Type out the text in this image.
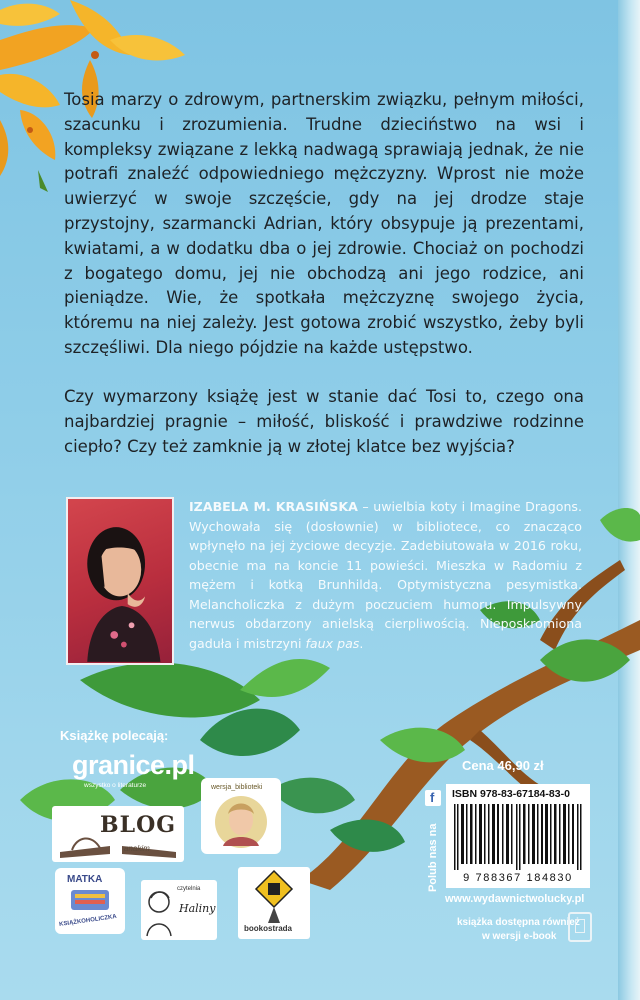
Tosia marzy o zdrowym, partnerskim związku, pełnym miłości, szacunku i zrozumienia. Trudne dzieciństwo na wsi i kompleksy związane z lekką nadwagą sprawiają jednak, że nie potrafi znaleźć odpowiedniego mężczyzny. Wprost nie może uwierzyć w swoje szczęście, gdy na jej drodze staje przystojny, szarmancki Adrian, który obsypuje ją prezentami, kwiatami, a w dodatku dba o jej zdrowie. Chociaż on pochodzi z bogatego domu, jej nie obchodzą ani jego rodzice, ani pieniądze. Wie, że spotkała mężczyznę swojego życia, któremu na niej zależy. Jest gotowa zrobić wszystko, żeby byli szczęśliwi. Dla niego pójdzie na każde ustępstwo.

Czy wymarzony książę jest w stanie dać Tosi to, czego ona najbardziej pragnie – miłość, bliskość i prawdziwe rodzinne ciepło? Czy też zamknie ją w złotej klatce bez wyjścia?

IZABELA M. KRASIŃSKA – uwielbia koty i Imagine Dragons. Wychowała się (dosłownie) w bibliotece, co znacząco wpłynęło na jej życiowe decyzje. Zadebiutowała w 2016 roku, obecnie ma na koncie 11 powieści. Mieszka w Radomiu z mężem i kotką Brunhildą. Optymistyczna pesymistka. Melancholiczka z dużym poczuciem humoru. Impulsywny nerwus obdarzony anielską cierpliwością. Nieposkromiona gaduła i mistrzyni faux pas.

Książkę polecają:
granice.pl
wszystko o literaturze
BLOG
anakim
wersja_biblioteki
MATKA
KSIĄŻKOHOLICZKA
czytelnia
Haliny
bookostrada
Cena 46,90 zł
f
Polub nas na
ISBN 978-83-67184-83-0
9 788367 184830
www.wydawnictwolucky.pl
książka dostępna również
w wersji e-book
